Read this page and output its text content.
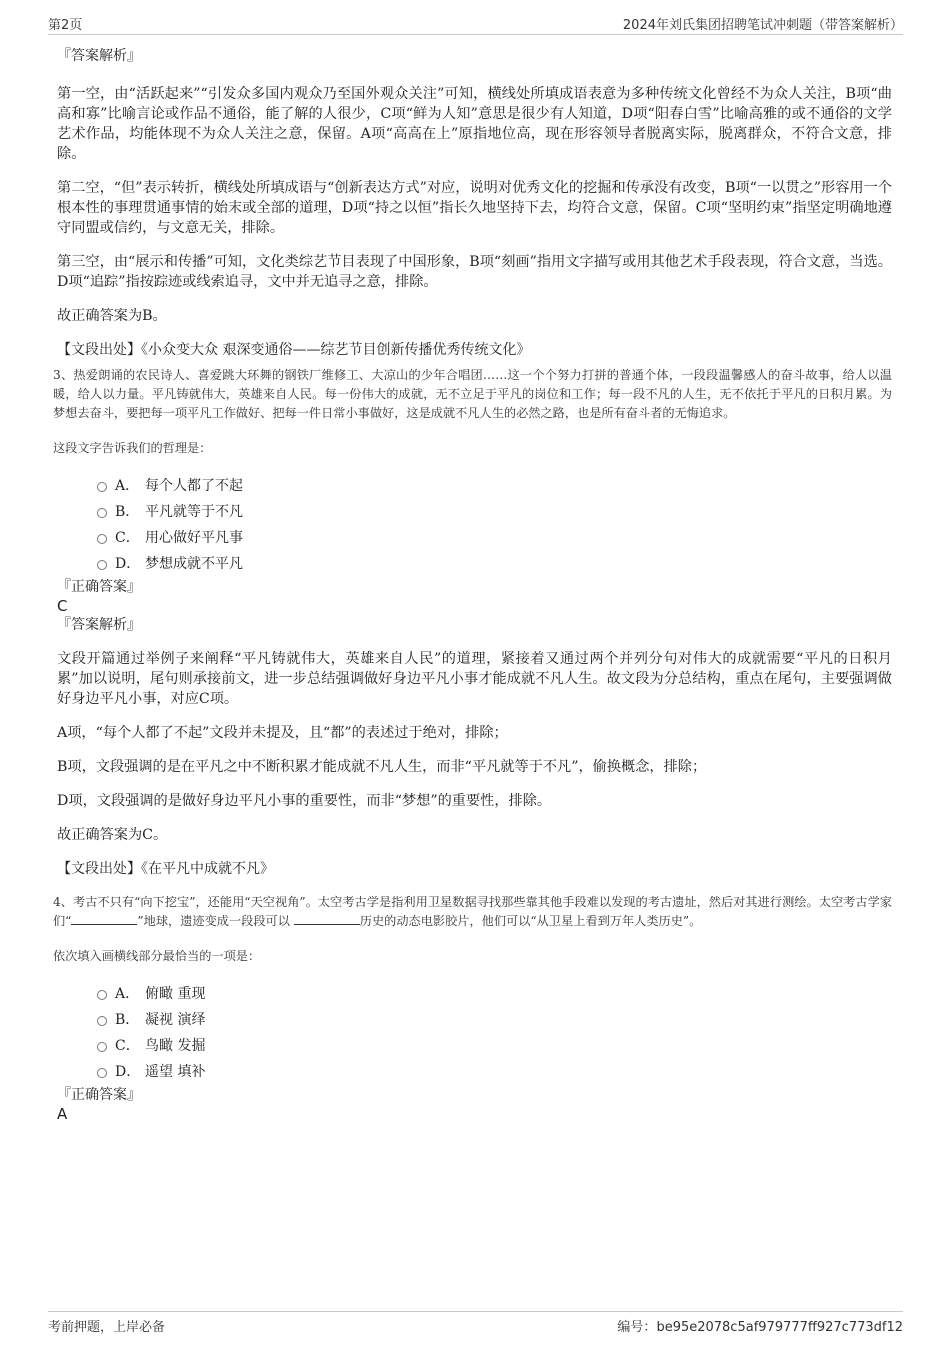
第2页	2024年刘氏集团招聘笔试冲刺题（带答案解析）
『答案解析』

第一空，由“活跃起来”“引发众多国内观众乃至国外观众关注”可知，横线处所填成语表意为多种传统文化曾经不为众人关注，B项“曲高和寡”比喻言论或作品不通俗，能了解的人很少，C项“鲜为人知”意思是很少有人知道，D项“阳春白雪”比喻高雅的或不通俗的文学艺术作品，均能体现不为众人关注之意，保留。A项“高高在上”原指地位高，现在形容领导者脱离实际，脱离群众，不符合文意，排除。

第二空，“但”表示转折，横线处所填成语与“创新表达方式”对应，说明对优秀文化的挖掘和传承没有改变，B项“一以贯之”形容用一个根本性的事理贯通事情的始末或全部的道理，D项“持之以恒”指长久地坚持下去，均符合文意，保留。C项“坚明约束”指坚定明确地遵守同盟或信约，与文意无关，排除。

第三空，由“展示和传播”可知，文化类综艺节目表现了中国形象，B项“刻画”指用文字描写或用其他艺术手段表现，符合文意，当选。D项“追踪”指按踪迹或线索追寻，文中并无追寻之意，排除。

故正确答案为B。

【文段出处】《小众变大众 艰深变通俗——综艺节目创新传播优秀传统文化》

3、热爱朗诵的农民诗人、喜爱跳大环舞的钢铁厂维修工、大凉山的少年合唱团……这一个个努力打拼的普通个体，一段段温馨感人的奋斗故事，给人以温暖，给人以力量。平凡铸就伟大，英雄来自人民。每一份伟大的成就，无不立足于平凡的岗位和工作；每一段不凡的人生，无不依托于平凡的日积月累。为梦想去奋斗，要把每一项平凡工作做好、把每一件日常小事做好，这是成就不凡人生的必然之路，也是所有奋斗者的无悔追求。

这段文字告诉我们的哲理是：

A． 每个人都了不起
B． 平凡就等于不凡
C． 用心做好平凡事
D． 梦想成就不平凡
『正确答案』
C
『答案解析』

文段开篇通过举例子来阐释“平凡铸就伟大，英雄来自人民”的道理，紧接着又通过两个并列分句对伟大的成就需要“平凡的日积月累”加以说明，尾句则承接前文，进一步总结强调做好身边平凡小事才能成就不凡人生。故文段为分总结构，重点在尾句，主要强调做好身边平凡小事，对应C项。

A项，“每个人都了不起”文段并未提及，且“都”的表述过于绝对，排除；

B项，文段强调的是在平凡之中不断积累才能成就不凡人生，而非“平凡就等于不凡”，偷换概念，排除；

D项，文段强调的是做好身边平凡小事的重要性，而非“梦想”的重要性，排除。

故正确答案为C。

【文段出处】《在平凡中成就不凡》

4、考古不只有“向下挖宝”，还能用“天空视角”。太空考古学是指利用卫星数据寻找那些靠其他手段难以发现的考古遗址，然后对其进行测绘。太空考古学家们“	”地球，遗迹变成一段段可以	历史的动态电影胶片，他们可以“从卫星上看到万年人类历史”。

依次填入画横线部分最恰当的一项是：

A． 俯瞰 重现
B． 凝视 演绎
C． 鸟瞰 发掘
D． 遥望 填补
『正确答案』
A
考前押题，上岸必备	编号：be95e2078c5af979777ff927c773df12
